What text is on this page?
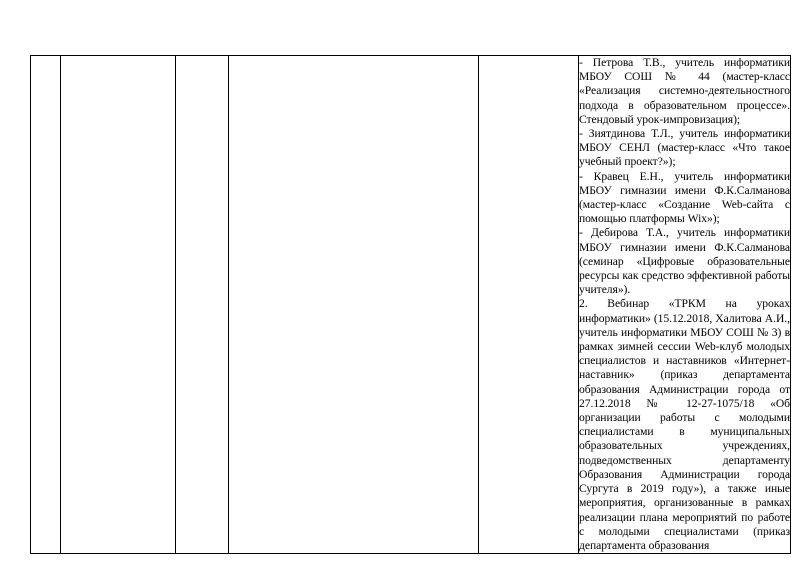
- Петрова Т.В., учитель информатики МБОУ СОШ № 44 (мастер-класс «Реализация системно-деятельностного подхода в образовательном процессе». Стендовый урок-импровизация);

- Зиятдинова Т.Л., учитель информатики МБОУ СЕНЛ (мастер-класс «Что такое учебный проект?»);

- Кравец Е.Н., учитель информатики МБОУ гимназии имени Ф.К.Салманова (мастер-класс «Создание Web-сайта с помощью платформы Wix»);

- Дебирова Т.А., учитель информатики МБОУ гимназии имени Ф.К.Салманова (семинар «Цифровые образовательные ресурсы как средство эффективной работы учителя»).

2. Вебинар «ТРКМ на уроках информатики» (15.12.2018, Халитова А.И., учитель информатики МБОУ СОШ № 3) в рамках зимней сессии Web-клуб молодых специалистов и наставников «Интернет-наставник» (приказ департамента образования Администрации города от 27.12.2018 № 12-27-1075/18 «Об организации работы с молодыми специалистами в муниципальных образовательных учреждениях, подведомственных департаменту Образования Администрации города Сургута в 2019 году»), а также иные мероприятия, организованные в рамках реализации плана мероприятий по работе с молодыми специалистами (приказ департамента образования
